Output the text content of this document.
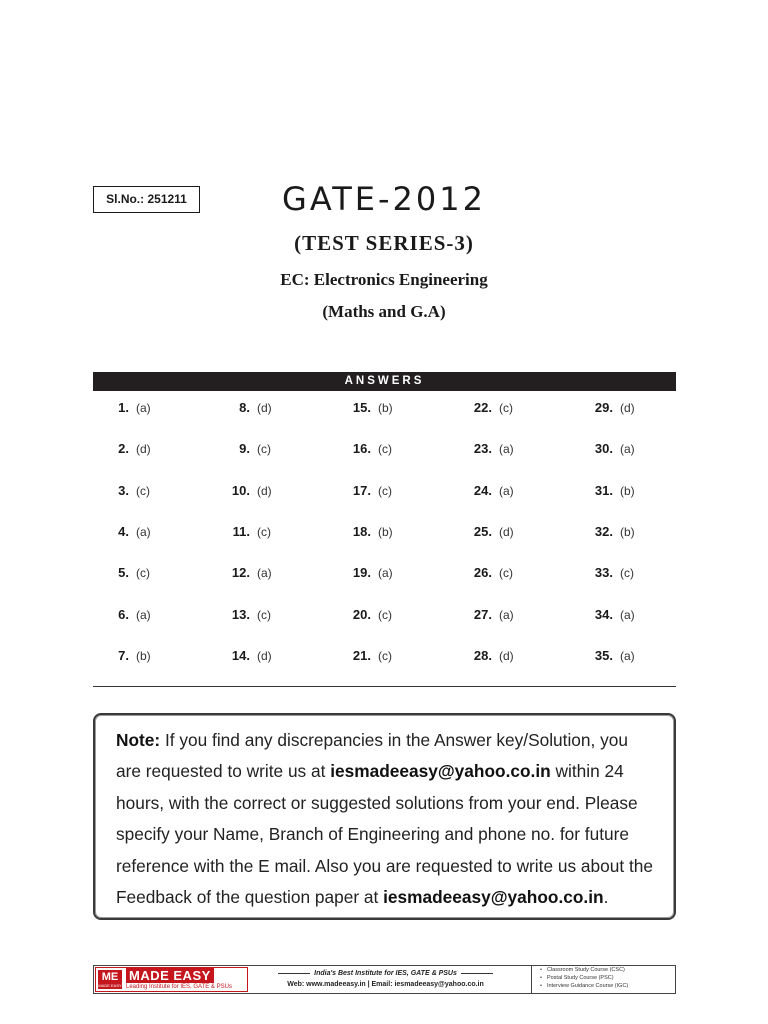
Sl.No.: 251211	GATE-2012
(TEST SERIES-3)
EC: Electronics Engineering
(Maths and G.A)
ANSWERS
1. (a)
2. (d)
3. (c)
4. (a)
5. (c)
6. (a)
7. (b)
8. (d)
9. (c)
10. (d)
11. (c)
12. (a)
13. (c)
14. (d)
15. (b)
16. (c)
17. (c)
18. (b)
19. (a)
20. (c)
21. (c)
22. (c)
23. (a)
24. (a)
25. (d)
26. (c)
27. (a)
28. (d)
29. (d)
30. (a)
31. (b)
32. (b)
33. (c)
34. (a)
35. (a)
Note: If you find any discrepancies in the Answer key/Solution, you are requested to write us at iesmadeeasy@yahoo.co.in within 24 hours, with the correct or suggested solutions from your end. Please specify your Name, Branch of Engineering and phone no. for future reference with the E mail. Also you are requested to write us about the Feedback of the question paper at iesmadeeasy@yahoo.co.in.
ME
MADE EASY
MADE EASY
Leading Institute for IES, GATE & PSUs
India's Best Institute for IES, GATE & PSUs
Web: www.madeeasy.in | Email: iesmadeeasy@yahoo.co.in
• Classroom Study Course (CSC)
• Postal Study Course (PSC)
• Interview Guidance Course (IGC)
